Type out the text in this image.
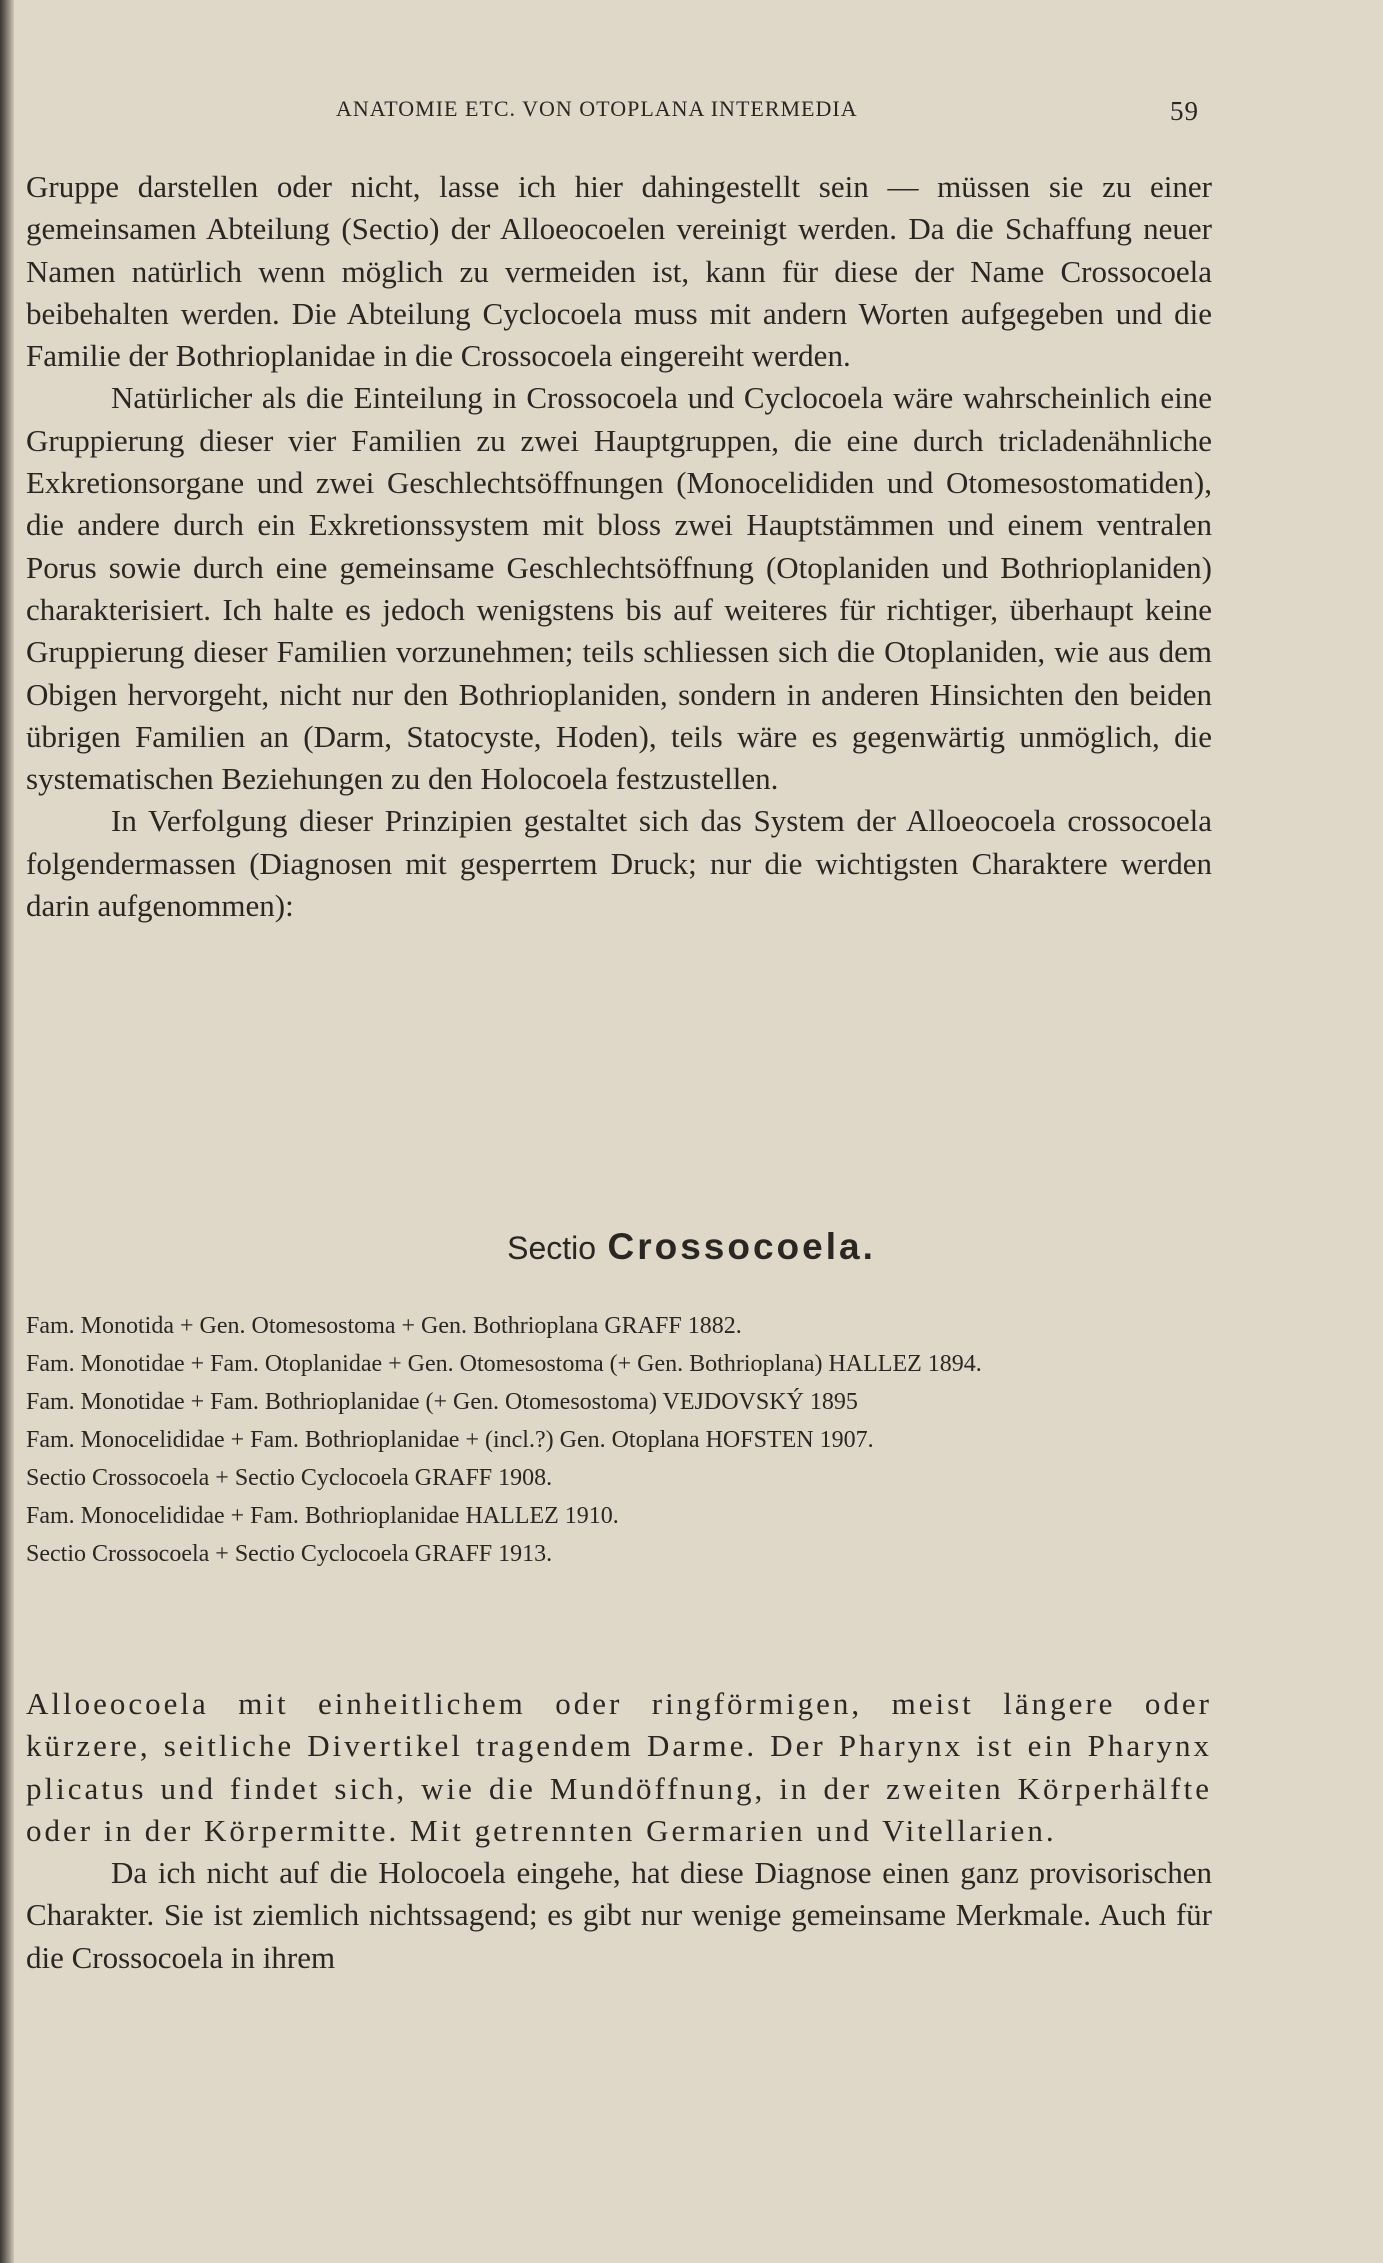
ANATOMIE ETC. VON OTOPLANA INTERMEDIA	59

Gruppe darstellen oder nicht, lasse ich hier dahingestellt sein — müssen sie zu einer gemeinsamen Abteilung (Sectio) der Alloeocoelen vereinigt werden. Da die Schaffung neuer Namen natürlich wenn möglich zu vermeiden ist, kann für diese der Name Crossocoela beibehalten werden. Die Abteilung Cyclocoela muss mit andern Worten aufgegeben und die Familie der Bothrioplanidae in die Crossocoela eingereiht werden.

Natürlicher als die Einteilung in Crossocoela und Cyclocoela wäre wahrscheinlich eine Gruppierung dieser vier Familien zu zwei Hauptgruppen, die eine durch tricladenähnliche Exkretionsorgane und zwei Geschlechtsöffnungen (Monocelididen und Otomesostomatiden), die andere durch ein Exkretionssystem mit bloss zwei Hauptstämmen und einem ventralen Porus sowie durch eine gemeinsame Geschlechtsöffnung (Otoplaniden und Bothrioplaniden) charakterisiert. Ich halte es jedoch wenigstens bis auf weiteres für richtiger, überhaupt keine Gruppierung dieser Familien vorzunehmen; teils schliessen sich die Otoplaniden, wie aus dem Obigen hervorgeht, nicht nur den Bothrioplaniden, sondern in anderen Hinsichten den beiden übrigen Familien an (Darm, Statocyste, Hoden), teils wäre es gegenwärtig unmöglich, die systematischen Beziehungen zu den Holocoela festzustellen.

In Verfolgung dieser Prinzipien gestaltet sich das System der Alloeocoela crossocoela folgendermassen (Diagnosen mit gesperrtem Druck; nur die wichtigsten Charaktere werden darin aufgenommen):

Sectio Crossocoela.

Fam. Monotida + Gen. Otomesostoma + Gen. Bothrioplana GRAFF 1882.

Fam. Monotidae + Fam. Otoplanidae + Gen. Otomesostoma (+ Gen. Bothrioplana) HALLEZ 1894.

Fam. Monotidae + Fam. Bothrioplanidae (+ Gen. Otomesostoma) VEJDOVSKÝ 1895

Fam. Monocelididae + Fam. Bothrioplanidae + (incl.?) Gen. Otoplana HOFSTEN 1907.

Sectio Crossocoela + Sectio Cyclocoela GRAFF 1908.

Fam. Monocelididae + Fam. Bothrioplanidae HALLEZ 1910.

Sectio Crossocoela + Sectio Cyclocoela GRAFF 1913.

Alloeocoela mit einheitlichem oder ringförmigen, meist längere oder kürzere, seitliche Divertikel tragendem Darme. Der Pharynx ist ein Pharynx plicatus und findet sich, wie die Mundöffnung, in der zweiten Körperhälfte oder in der Körpermitte. Mit getrennten Germarien und Vitellarien.

Da ich nicht auf die Holocoela eingehe, hat diese Diagnose einen ganz provisorischen Charakter. Sie ist ziemlich nichtssagend; es gibt nur wenige gemeinsame Merkmale. Auch für die Crossocoela in ihrem
